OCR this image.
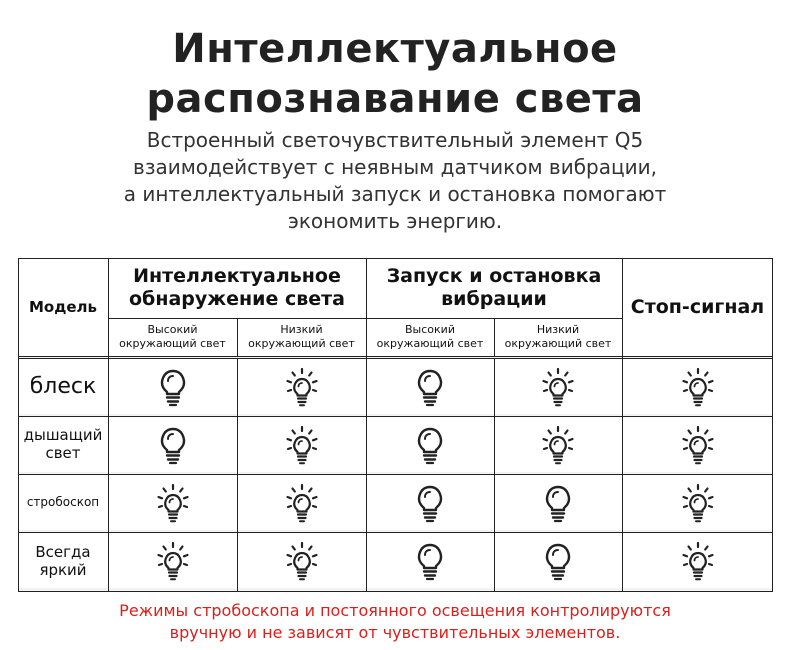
Интеллектуальное
распознавание света
Встроенный светочувствительный элемент Q5
взаимодействует с неявным датчиком вибрации,
а интеллектуальный запуск и остановка помогают
экономить энергию.
Модель
Интеллектуальное
обнаружение света
Запуск и остановка
вибрации	Стоп-сигнал
Высокий
окружающий свет
Низкий
окружающий свет
Высокий
окружающий свет
Низкий
окружающий свет
блеск
дышащий
свет
стробоскоп
Всегда
яркий
Режимы стробоскопа и постоянного освещения контролируются
вручную и не зависят от чувствительных элементов.
